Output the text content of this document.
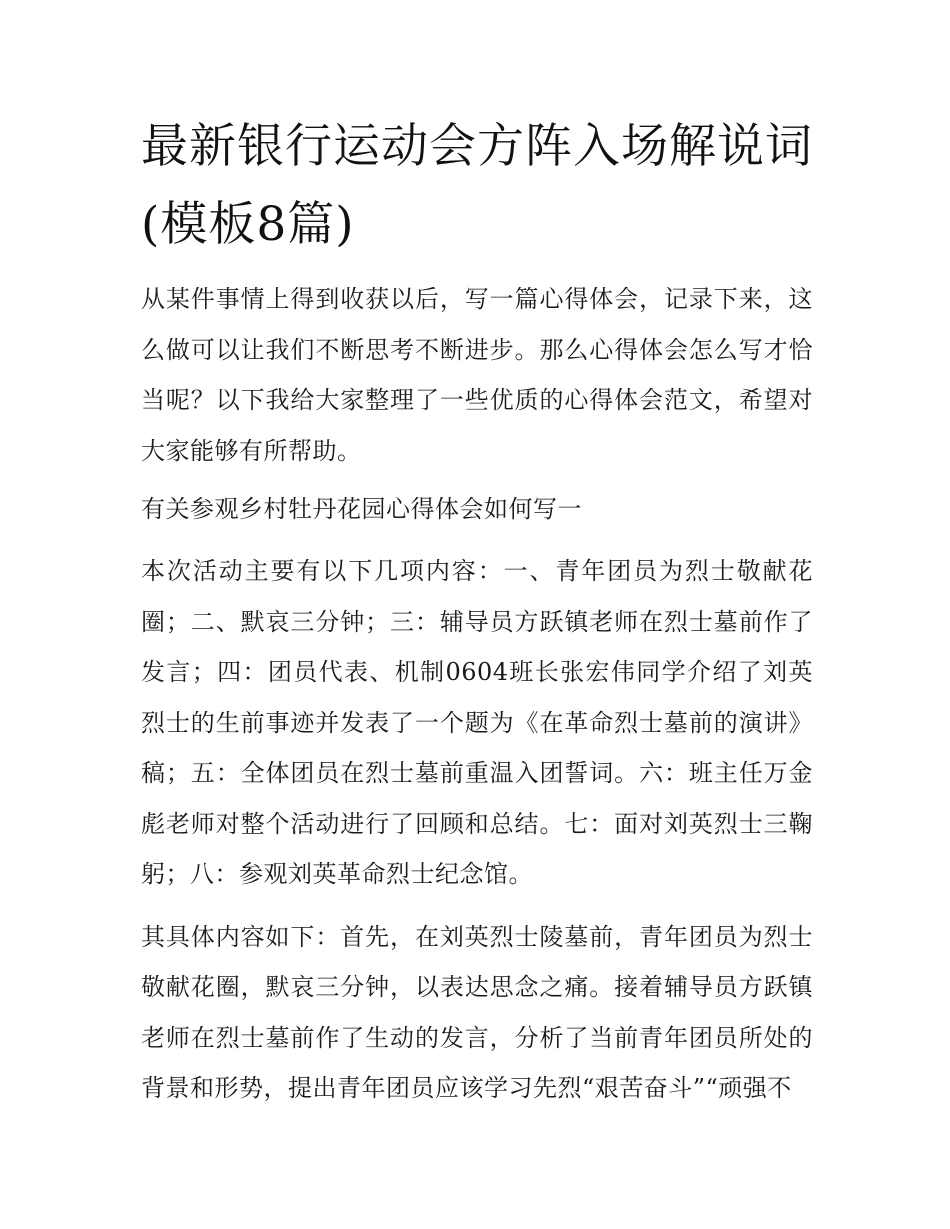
最新银行运动会方阵入场解说词(模板8篇)

从某件事情上得到收获以后，写一篇心得体会，记录下来，这么做可以让我们不断思考不断进步。那么心得体会怎么写才恰当呢？以下我给大家整理了一些优质的心得体会范文，希望对大家能够有所帮助。

有关参观乡村牡丹花园心得体会如何写一

本次活动主要有以下几项内容：一、青年团员为烈士敬献花圈；二、默哀三分钟；三：辅导员方跃镇老师在烈士墓前作了发言；四：团员代表、机制0604班长张宏伟同学介绍了刘英烈士的生前事迹并发表了一个题为《在革命烈士墓前的演讲》稿；五：全体团员在烈士墓前重温入团誓词。六：班主任万金彪老师对整个活动进行了回顾和总结。七：面对刘英烈士三鞠躬；八：参观刘英革命烈士纪念馆。

其具体内容如下：首先，在刘英烈士陵墓前，青年团员为烈士敬献花圈，默哀三分钟，以表达思念之痛。接着辅导员方跃镇老师在烈士墓前作了生动的发言，分析了当前青年团员所处的背景和形势，提出青年团员应该学习先烈“艰苦奋斗”“顽强不
